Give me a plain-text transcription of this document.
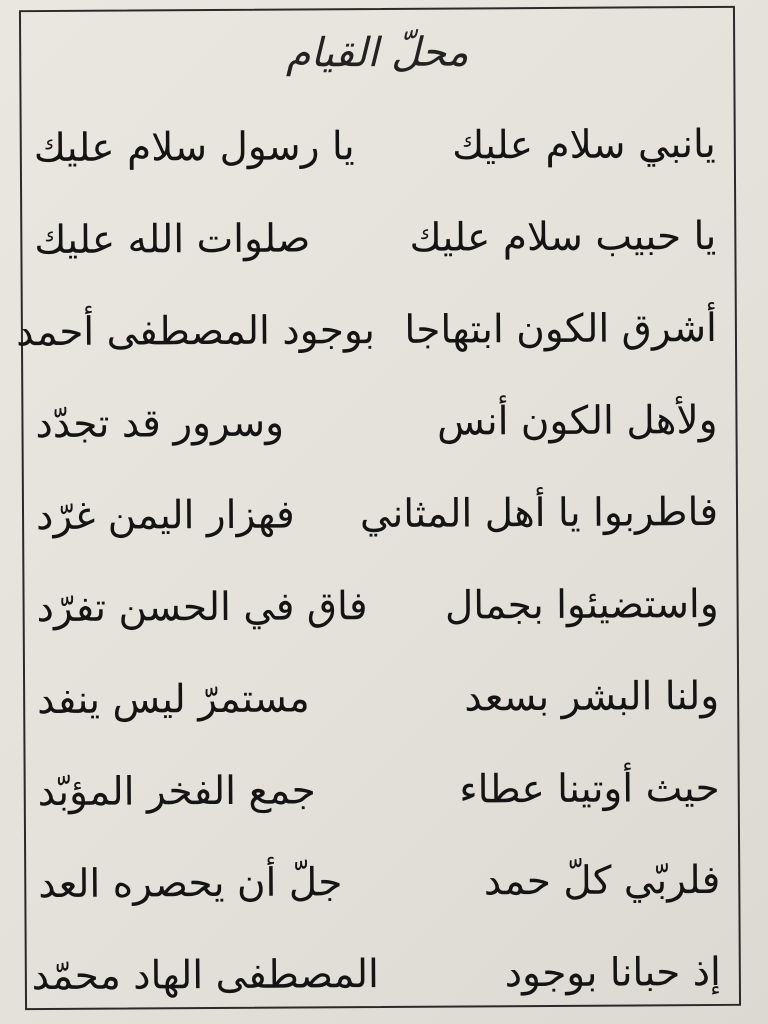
محلّ القيام
يانبي سلام عليك
يا رسول سلام عليك
يا حبيب سلام عليك
صلوات الله عليك
أشرق الكون ابتهاجا
بوجود المصطفى أحمد
ولأهل الكون أنس
وسرور قد تجدّد
فاطربوا يا أهل المثاني
فهزار اليمن غرّد
واستضيئوا بجمال
فاق في الحسن تفرّد
ولنا البشر بسعد
مستمرّ ليس ينفد
حيث أوتينا عطاء
جمع الفخر المؤبّد
فلربّي كلّ حمد
جلّ أن يحصره العد
إذ حبانا بوجود
المصطفى الهاد محمّد
